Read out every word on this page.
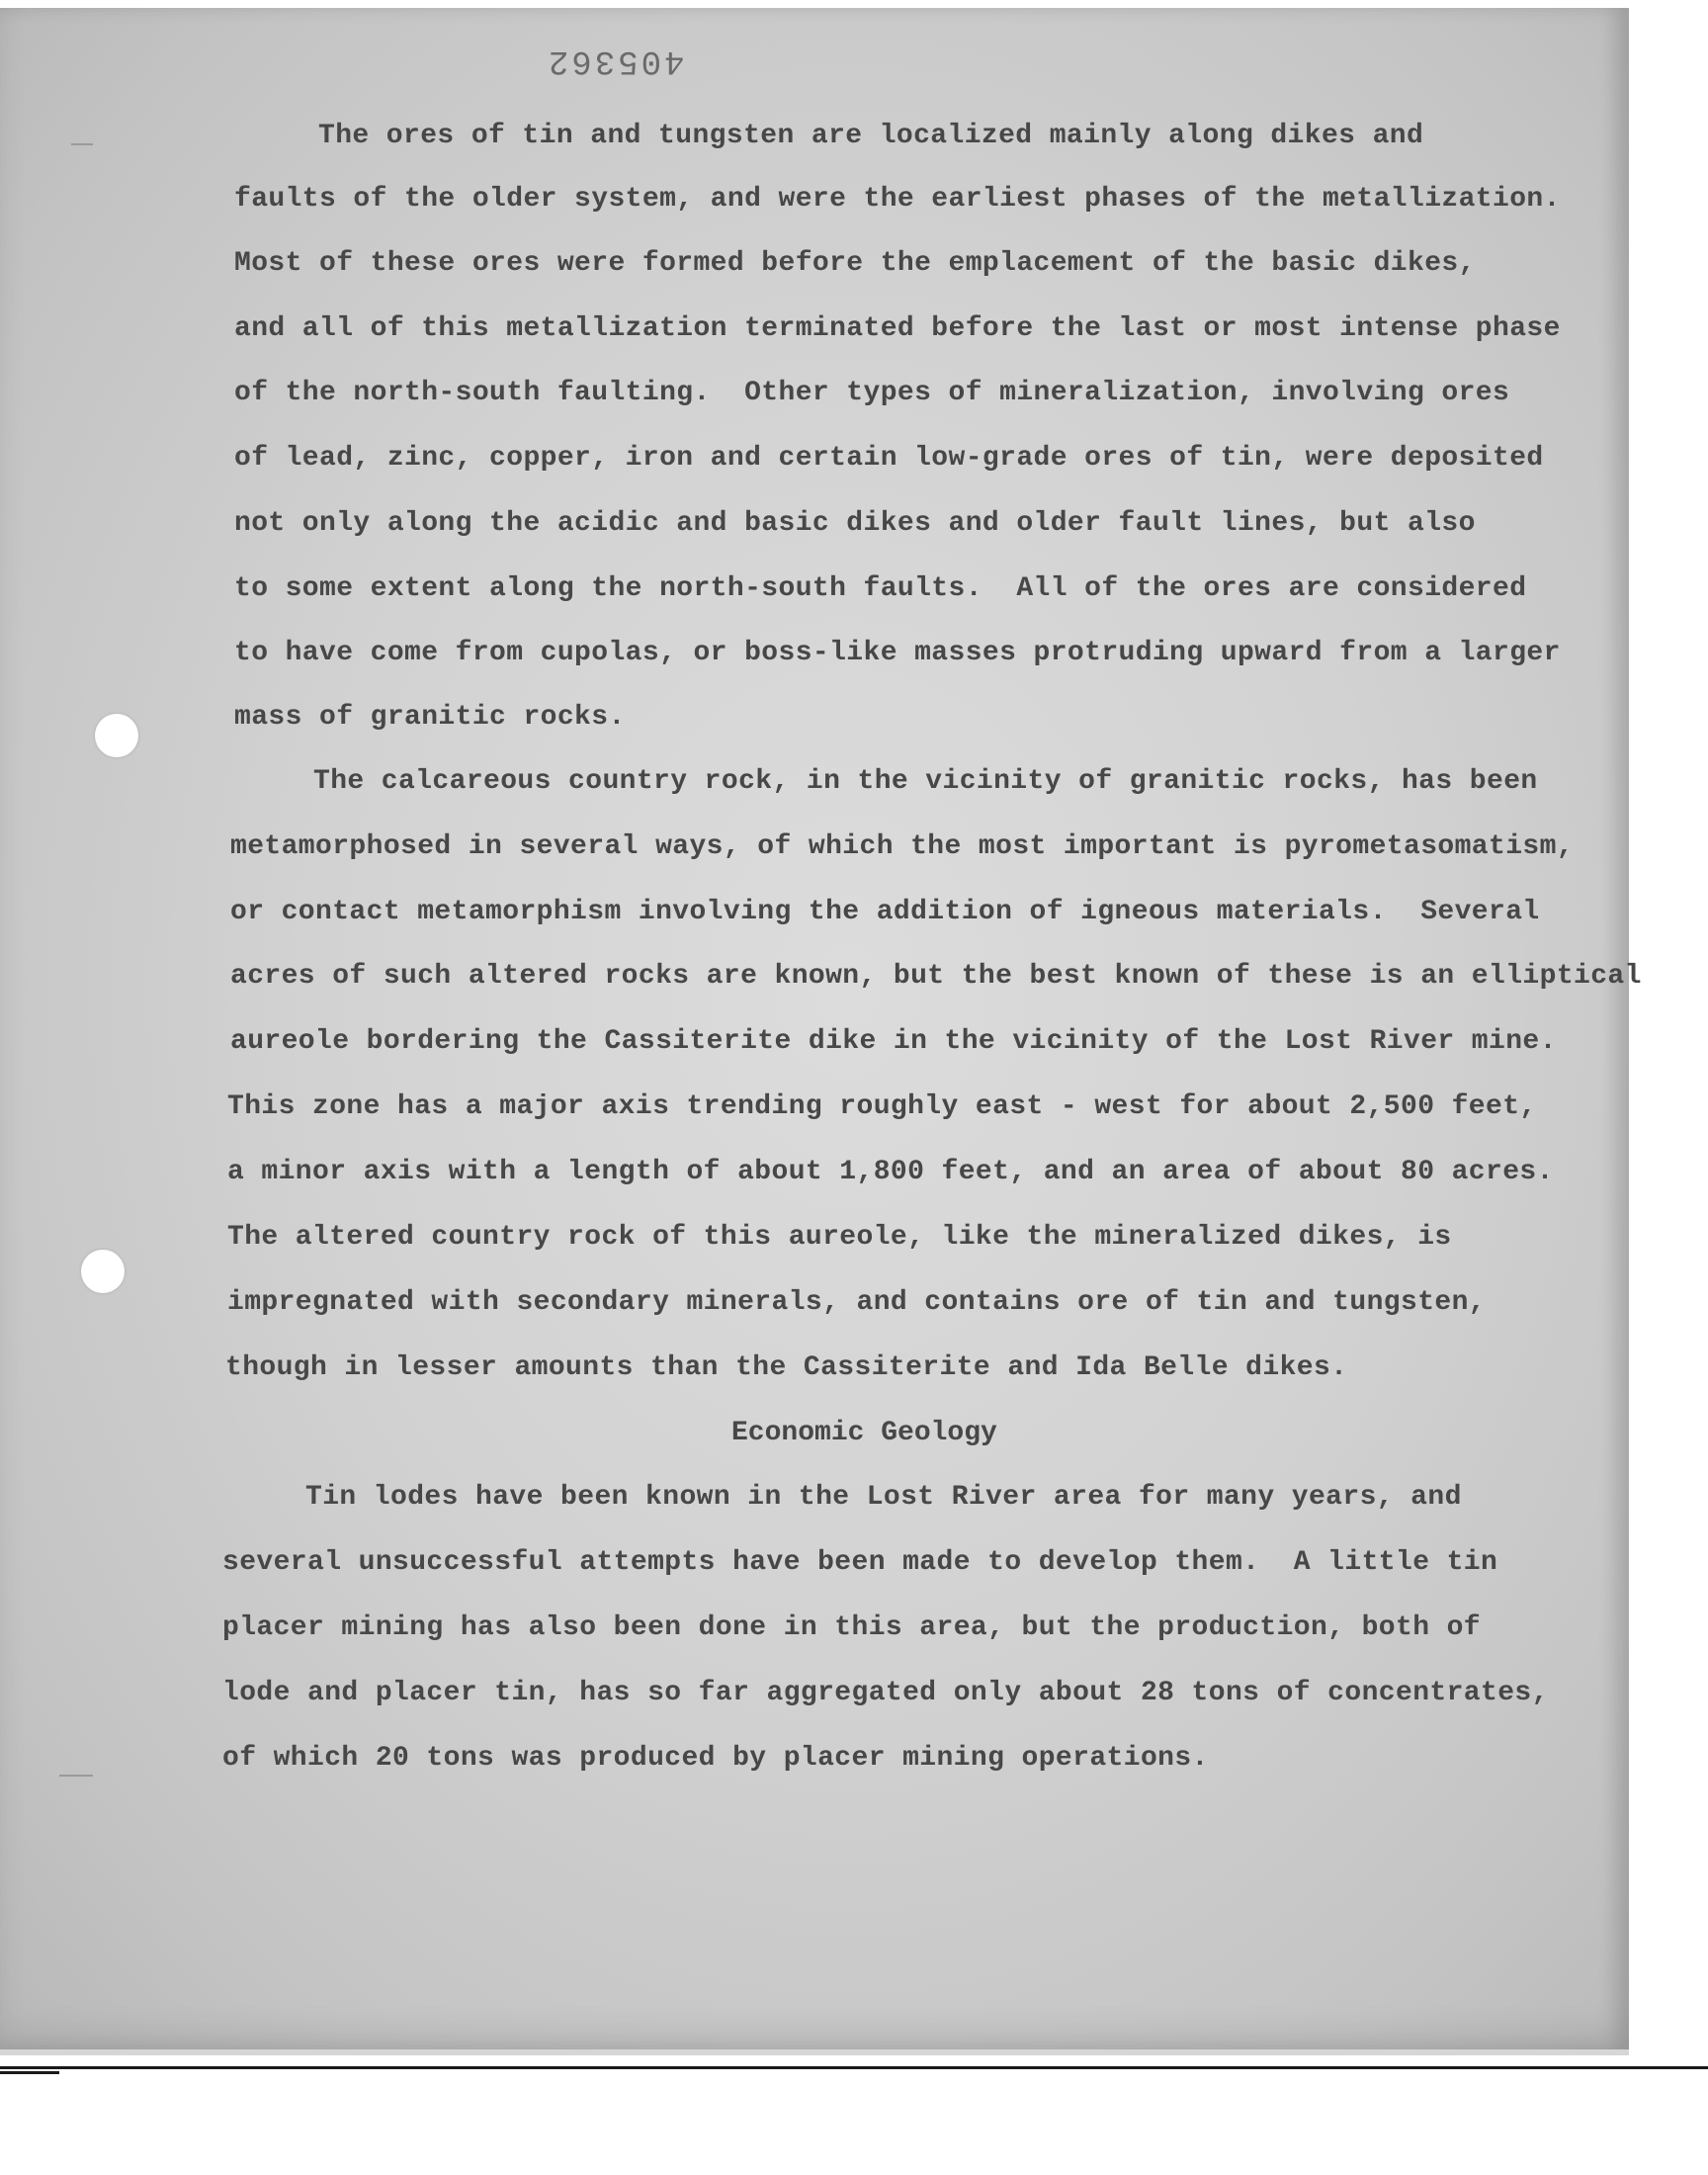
405362
The ores of tin and tungsten are localized mainly along dikes and
faults of the older system, and were the earliest phases of the metallization.
Most of these ores were formed before the emplacement of the basic dikes,
and all of this metallization terminated before the last or most intense phase
of the north-south faulting.  Other types of mineralization, involving ores
of lead, zinc, copper, iron and certain low-grade ores of tin, were deposited
not only along the acidic and basic dikes and older fault lines, but also
to some extent along the north-south faults.  All of the ores are considered
to have come from cupolas, or boss-like masses protruding upward from a larger
mass of granitic rocks.
The calcareous country rock, in the vicinity of granitic rocks, has been
metamorphosed in several ways, of which the most important is pyrometasomatism,
or contact metamorphism involving the addition of igneous materials.  Several
acres of such altered rocks are known, but the best known of these is an elliptical
aureole bordering the Cassiterite dike in the vicinity of the Lost River mine.
This zone has a major axis trending roughly east - west for about 2,500 feet,
a minor axis with a length of about 1,800 feet, and an area of about 80 acres.
The altered country rock of this aureole, like the mineralized dikes, is
impregnated with secondary minerals, and contains ore of tin and tungsten,
though in lesser amounts than the Cassiterite and Ida Belle dikes.
Economic Geology
Tin lodes have been known in the Lost River area for many years, and
several unsuccessful attempts have been made to develop them.  A little tin
placer mining has also been done in this area, but the production, both of
lode and placer tin, has so far aggregated only about 28 tons of concentrates,
of which 20 tons was produced by placer mining operations.
